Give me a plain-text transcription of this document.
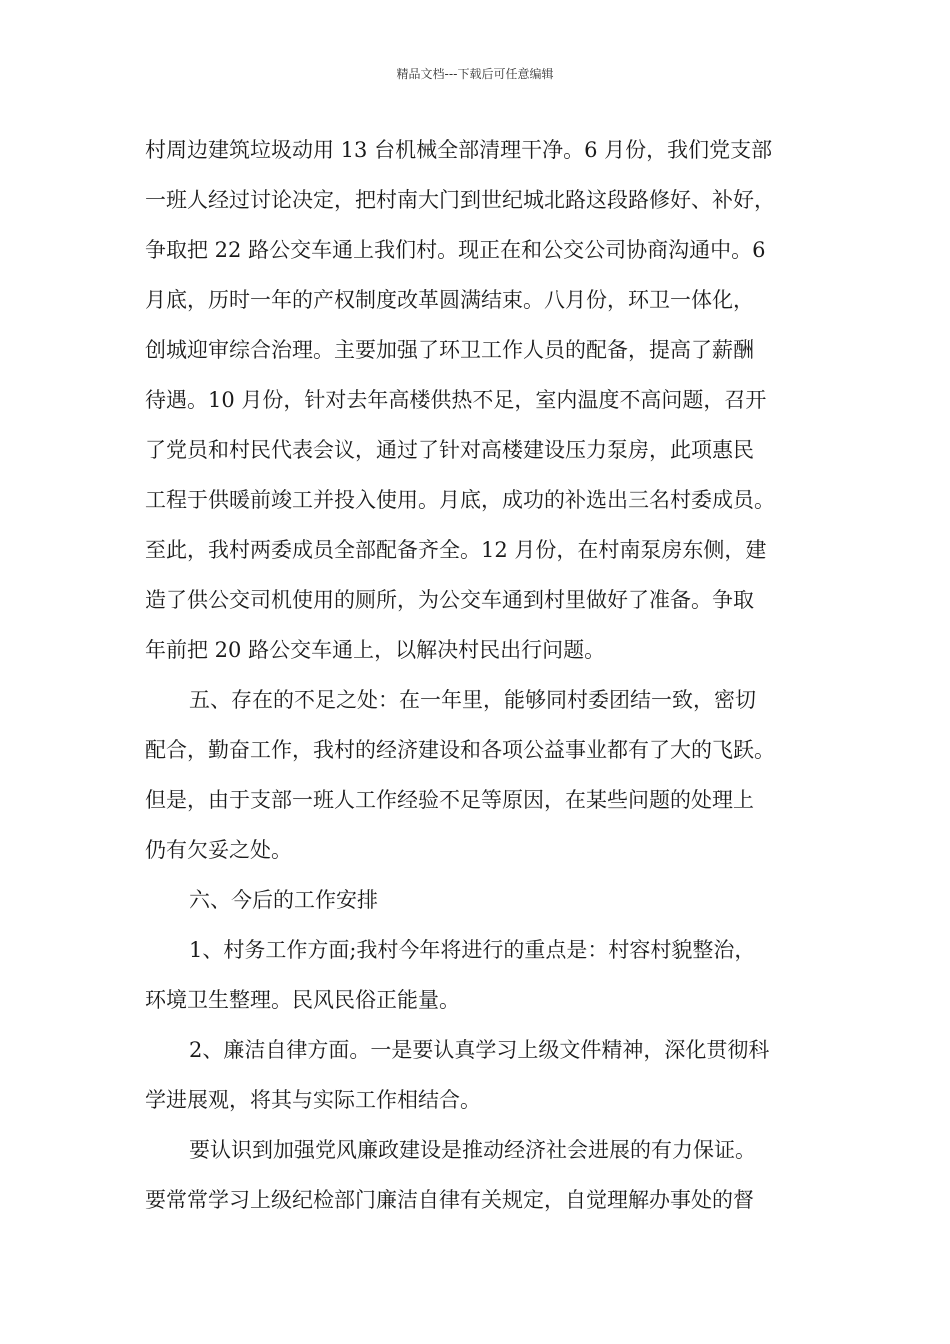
精品文档---下载后可任意编辑
村周边建筑垃圾动用 13 台机械全部清理干净。6 月份，我们党支部
一班人经过讨论决定，把村南大门到世纪城北路这段路修好、补好，
争取把 22 路公交车通上我们村。现正在和公交公司协商沟通中。6
月底，历时一年的产权制度改革圆满结束。八月份，环卫一体化，
创城迎审综合治理。主要加强了环卫工作人员的配备，提高了薪酬
待遇。10 月份，针对去年高楼供热不足，室内温度不高问题，召开
了党员和村民代表会议，通过了针对高楼建设压力泵房，此项惠民
工程于供暖前竣工并投入使用。月底，成功的补选出三名村委成员。
至此，我村两委成员全部配备齐全。12 月份，在村南泵房东侧，建
造了供公交司机使用的厕所，为公交车通到村里做好了准备。争取
年前把 20 路公交车通上，以解决村民出行问题。
五、存在的不足之处：在一年里，能够同村委团结一致，密切
配合，勤奋工作，我村的经济建设和各项公益事业都有了大的飞跃。
但是，由于支部一班人工作经验不足等原因，在某些问题的处理上
仍有欠妥之处。
六、今后的工作安排
1、村务工作方面;我村今年将进行的重点是：村容村貌整治，
环境卫生整理。民风民俗正能量。
2、廉洁自律方面。一是要认真学习上级文件精神，深化贯彻科
学进展观，将其与实际工作相结合。
要认识到加强党风廉政建设是推动经济社会进展的有力保证。
要常常学习上级纪检部门廉洁自律有关规定，自觉理解办事处的督
